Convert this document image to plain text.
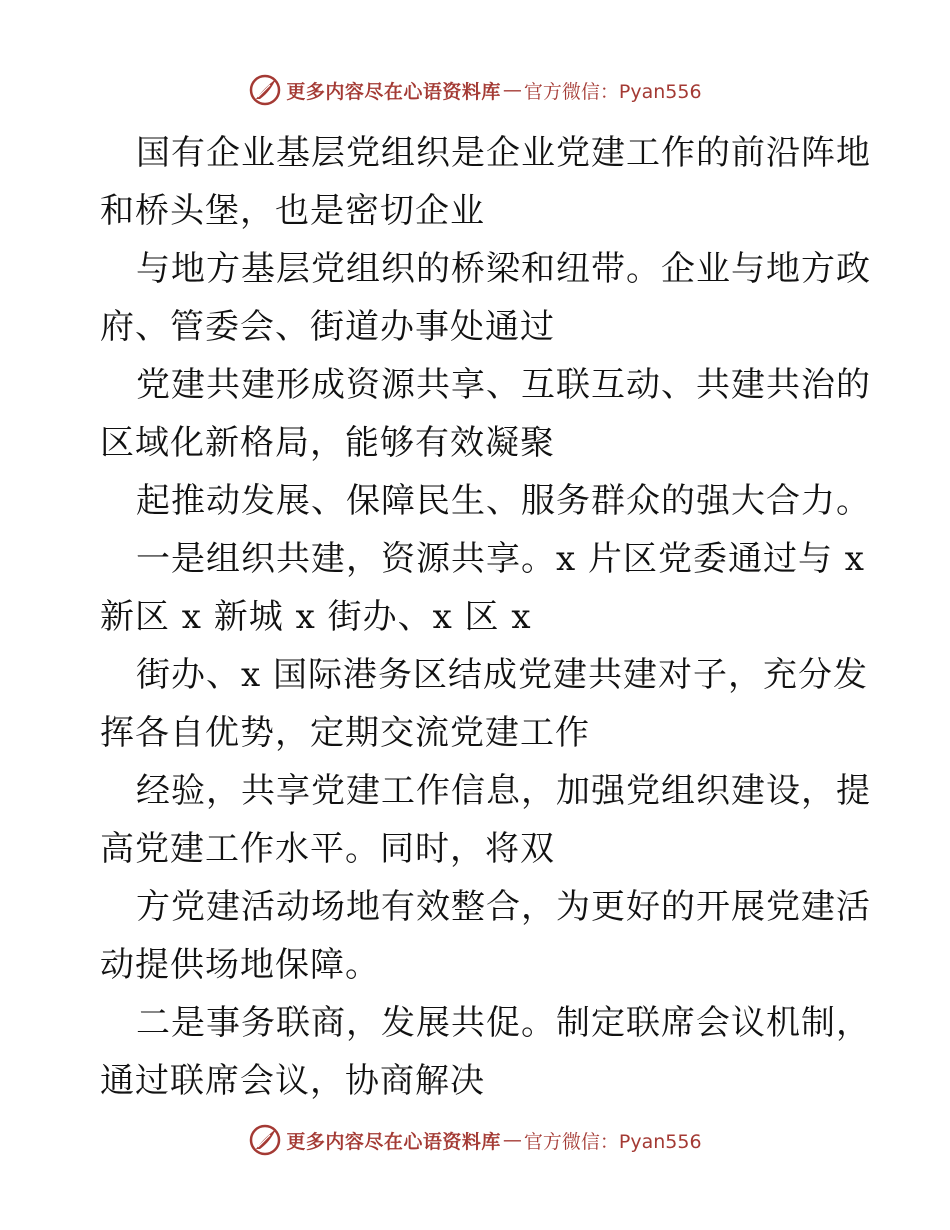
更多内容尽在心语资料库 — 官方微信：Pyan556
国有企业基层党组织是企业党建工作的前沿阵地
和桥头堡，也是密切企业
与地方基层党组织的桥梁和纽带。企业与地方政
府、管委会、街道办事处通过
党建共建形成资源共享、互联互动、共建共治的
区域化新格局，能够有效凝聚
起推动发展、保障民生、服务群众的强大合力。
一是组织共建，资源共享。x 片区党委通过与 x
新区 x 新城 x 街办、x 区 x
街办、x 国际港务区结成党建共建对子，充分发
挥各自优势，定期交流党建工作
经验，共享党建工作信息，加强党组织建设，提
高党建工作水平。同时，将双
方党建活动场地有效整合，为更好的开展党建活
动提供场地保障。
二是事务联商，发展共促。制定联席会议机制，
通过联席会议，协商解决
更多内容尽在心语资料库 — 官方微信：Pyan556
